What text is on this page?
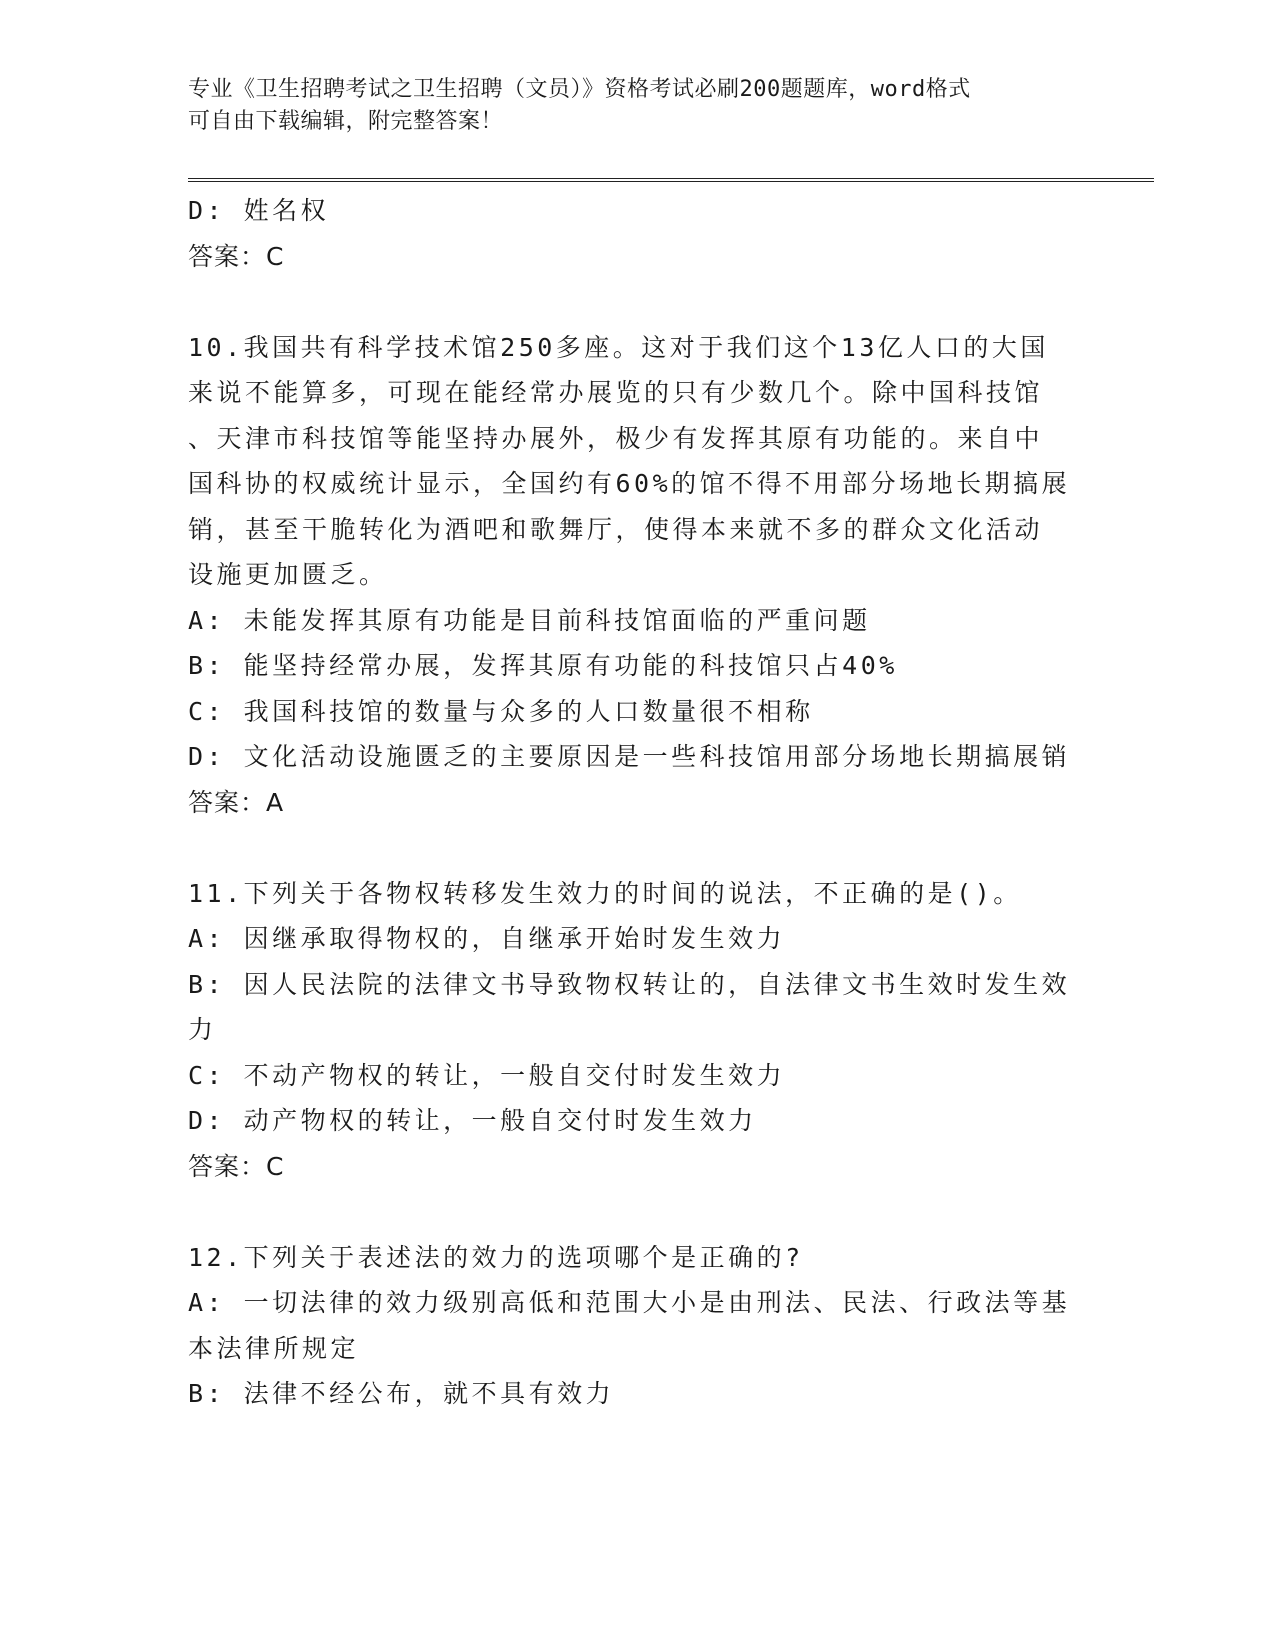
专业《卫生招聘考试之卫生招聘（文员）》资格考试必刷200题题库，word格式
可自由下载编辑，附完整答案！
D: 姓名权
答案：C
10.我国共有科学技术馆250多座。这对于我们这个13亿人口的大国
来说不能算多，可现在能经常办展览的只有少数几个。除中国科技馆
、天津市科技馆等能坚持办展外，极少有发挥其原有功能的。来自中
国科协的权威统计显示，全国约有60%的馆不得不用部分场地长期搞展
销，甚至干脆转化为酒吧和歌舞厅，使得本来就不多的群众文化活动
设施更加匮乏。
A: 未能发挥其原有功能是目前科技馆面临的严重问题
B: 能坚持经常办展，发挥其原有功能的科技馆只占40%
C: 我国科技馆的数量与众多的人口数量很不相称
D: 文化活动设施匮乏的主要原因是一些科技馆用部分场地长期搞展销
答案：A
11.下列关于各物权转移发生效力的时间的说法，不正确的是()。
A: 因继承取得物权的，自继承开始时发生效力
B: 因人民法院的法律文书导致物权转让的，自法律文书生效时发生效
力
C: 不动产物权的转让，一般自交付时发生效力
D: 动产物权的转让，一般自交付时发生效力
答案：C
12.下列关于表述法的效力的选项哪个是正确的?
A: 一切法律的效力级别高低和范围大小是由刑法、民法、行政法等基
本法律所规定
B: 法律不经公布，就不具有效力
